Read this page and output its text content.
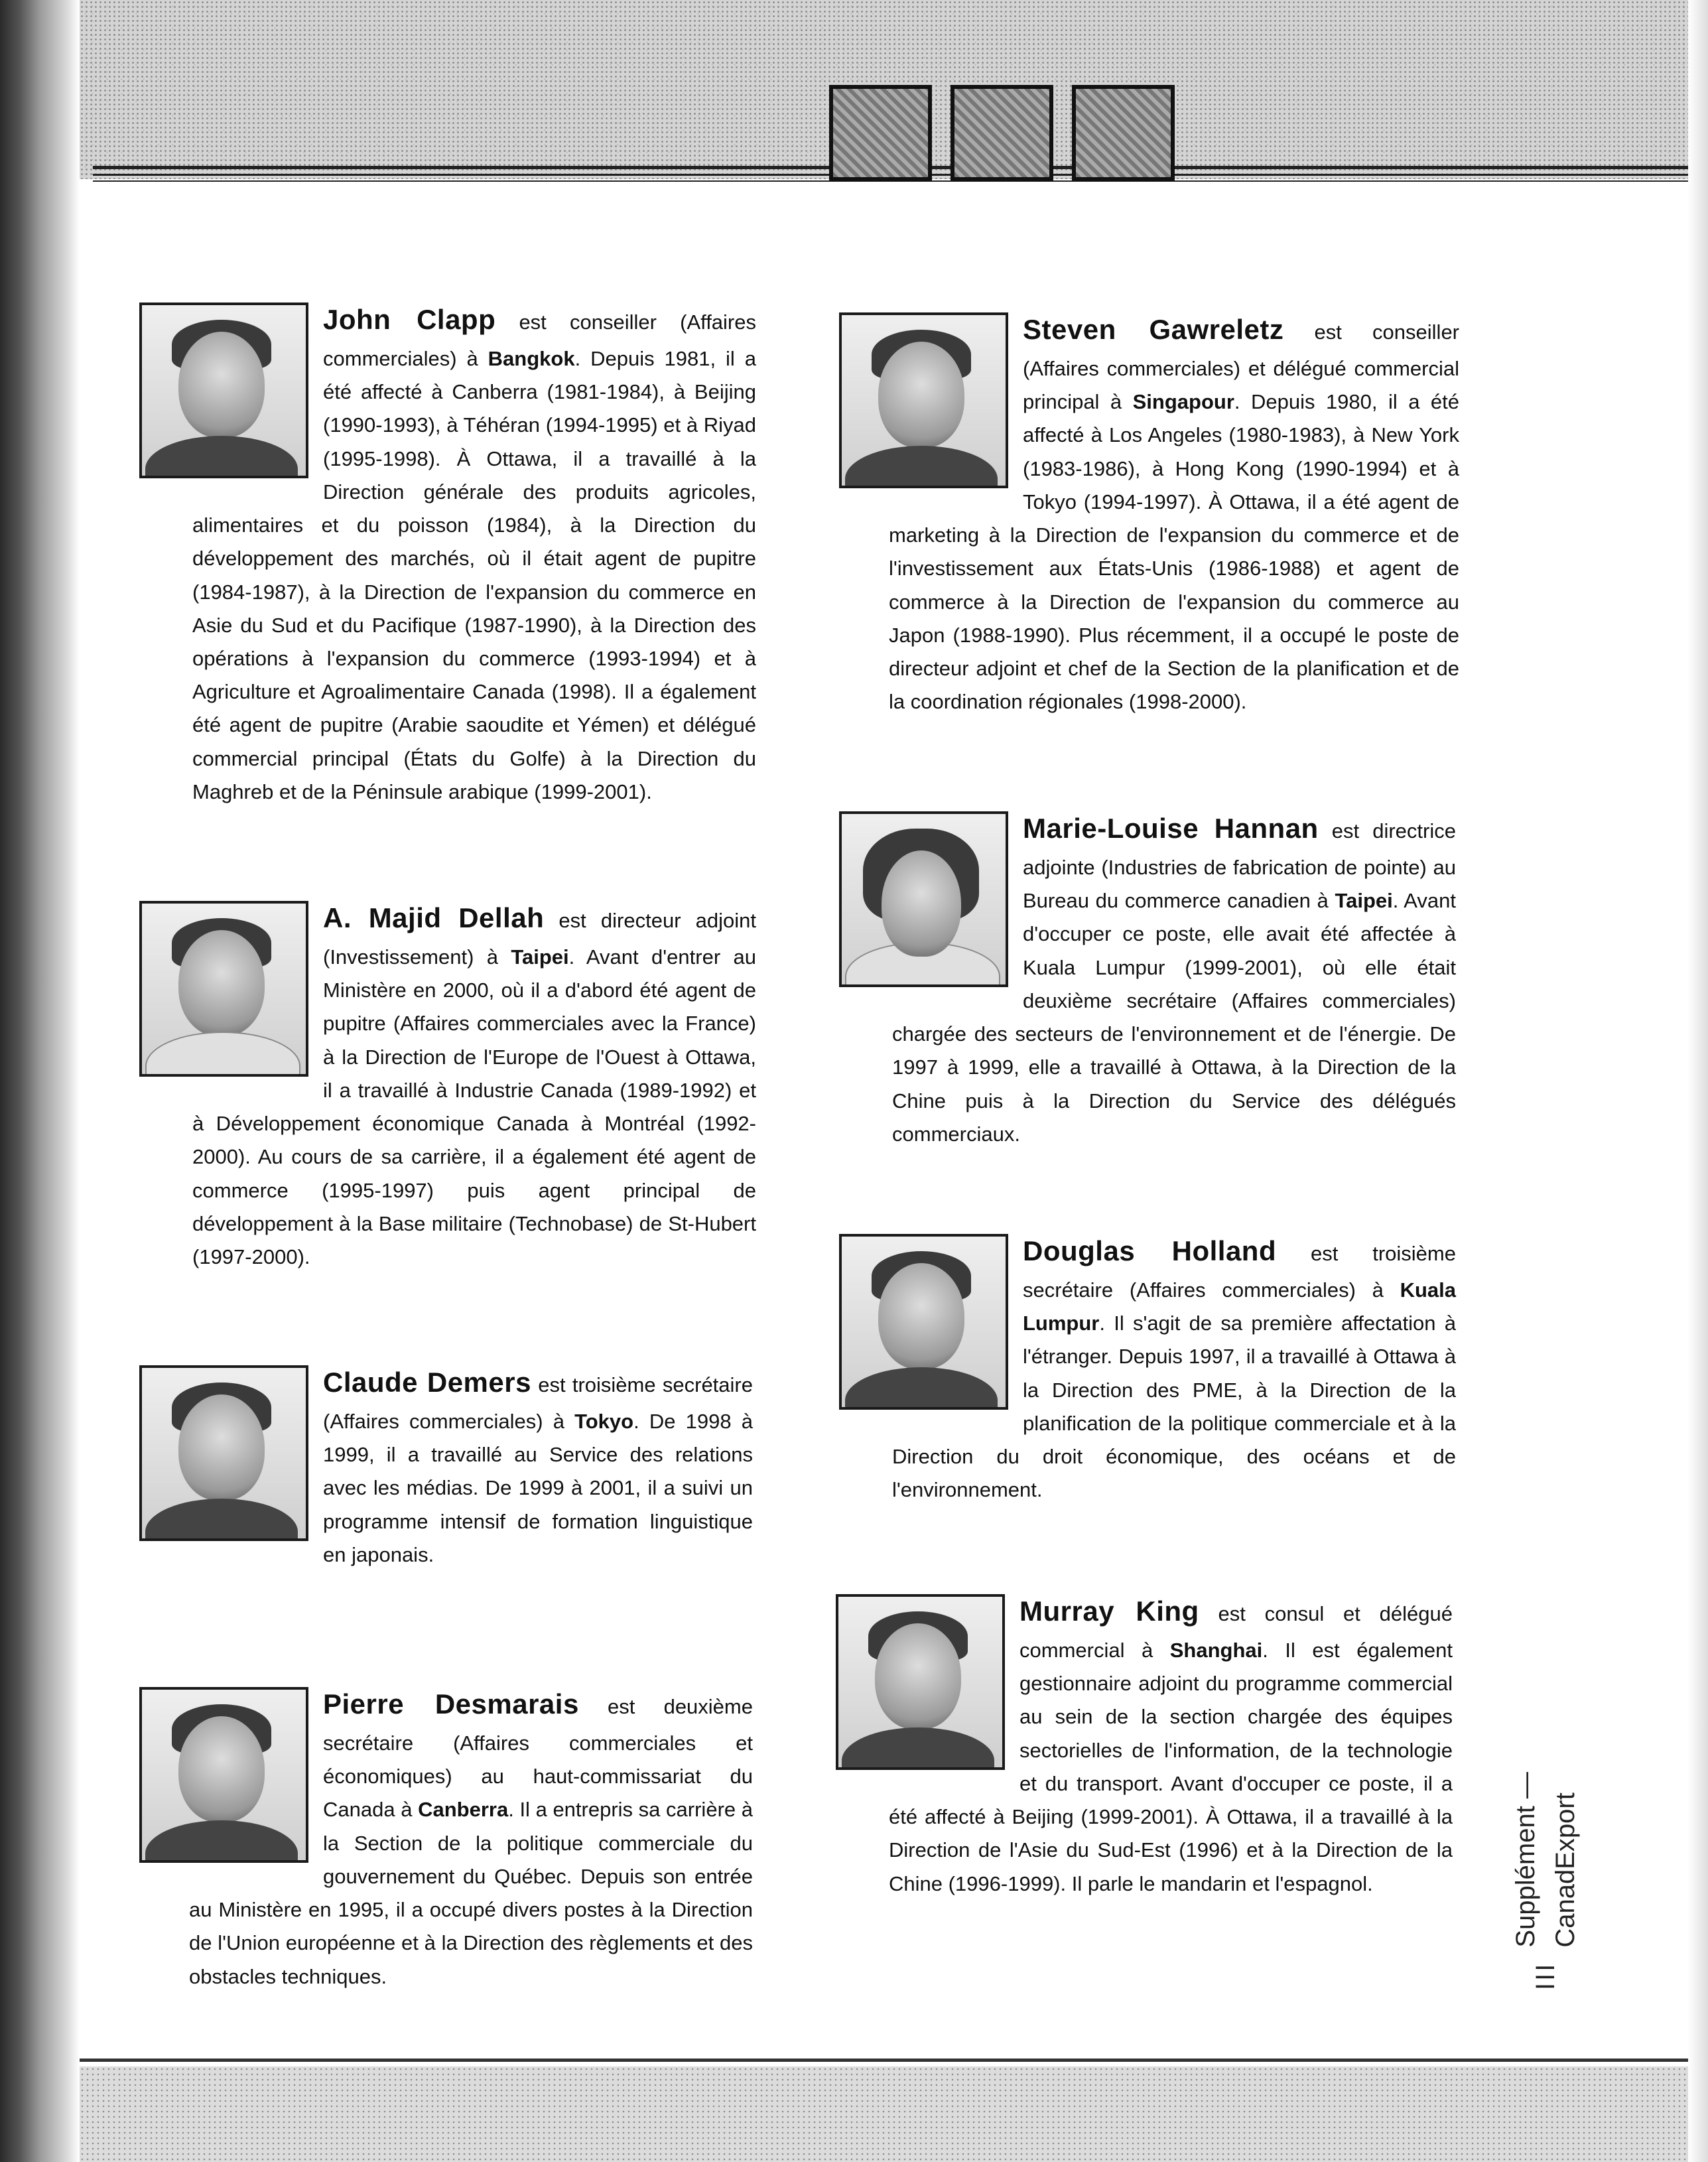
John Clapp est conseiller (Affaires commerciales) à Bangkok. Depuis 1981, il a été affecté à Canberra (1981-1984), à Beijing (1990-1993), à Téhéran (1994-1995) et à Riyad (1995-1998). À Ottawa, il a travaillé à la Direction générale des produits agricoles, alimentaires et du poisson (1984), à la Direction du développement des marchés, où il était agent de pupitre (1984-1987), à la Direction de l'expansion du commerce en Asie du Sud et du Pacifique (1987-1990), à la Direction des opérations à l'expansion du commerce (1993-1994) et à Agriculture et Agroalimentaire Canada (1998). Il a également été agent de pupitre (Arabie saoudite et Yémen) et délégué commercial principal (États du Golfe) à la Direction du Maghreb et de la Péninsule arabique (1999-2001).
A. Majid Dellah est directeur adjoint (Investissement) à Taipei. Avant d'entrer au Ministère en 2000, où il a d'abord été agent de pupitre (Affaires commerciales avec la France) à la Direction de l'Europe de l'Ouest à Ottawa, il a travaillé à Industrie Canada (1989-1992) et à Développement économique Canada à Montréal (1992-2000). Au cours de sa carrière, il a également été agent de commerce (1995-1997) puis agent principal de développement à la Base militaire (Technobase) de St-Hubert (1997-2000).
Claude Demers est troisième secrétaire (Affaires commerciales) à Tokyo. De 1998 à 1999, il a travaillé au Service des relations avec les médias. De 1999 à 2001, il a suivi un programme intensif de formation linguistique en japonais.
Pierre Desmarais est deuxième secrétaire (Affaires commerciales et économiques) au haut-commissariat du Canada à Canberra. Il a entrepris sa carrière à la Section de la politique commerciale du gouvernement du Québec. Depuis son entrée au Ministère en 1995, il a occupé divers postes à la Direction de l'Union européenne et à la Direction des règlements et des obstacles techniques.
Steven Gawreletz est conseiller (Affaires commerciales) et délégué commercial principal à Singapour. Depuis 1980, il a été affecté à Los Angeles (1980-1983), à New York (1983-1986), à Hong Kong (1990-1994) et à Tokyo (1994-1997). À Ottawa, il a été agent de marketing à la Direction de l'expansion du commerce et de l'investissement aux États-Unis (1986-1988) et agent de commerce à la Direction de l'expansion du commerce au Japon (1988-1990). Plus récemment, il a occupé le poste de directeur adjoint et chef de la Section de la planification et de la coordination régionales (1998-2000).
Marie-Louise Hannan est directrice adjointe (Industries de fabrication de pointe) au Bureau du commerce canadien à Taipei. Avant d'occuper ce poste, elle avait été affectée à Kuala Lumpur (1999-2001), où elle était deuxième secrétaire (Affaires commerciales) chargée des secteurs de l'environnement et de l'énergie. De 1997 à 1999, elle a travaillé à Ottawa, à la Direction de la Chine puis à la Direction du Service des délégués commerciaux.
Douglas Holland est troisième secrétaire (Affaires commerciales) à Kuala Lumpur. Il s'agit de sa première affectation à l'étranger. Depuis 1997, il a travaillé à Ottawa à la Direction des PME, à la Direction de la planification de la politique commerciale et à la Direction du droit économique, des océans et de l'environnement.
Murray King est consul et délégué commercial à Shanghai. Il est également gestionnaire adjoint du programme commercial au sein de la section chargée des équipes sectorielles de l'information, de la technologie et du transport. Avant d'occuper ce poste, il a été affecté à Beijing (1999-2001). À Ottawa, il a travaillé à la Direction de l'Asie du Sud-Est (1996) et à la Direction de la Chine (1996-1999). Il parle le mandarin et l'espagnol.
III
Supplément — CanadExport
